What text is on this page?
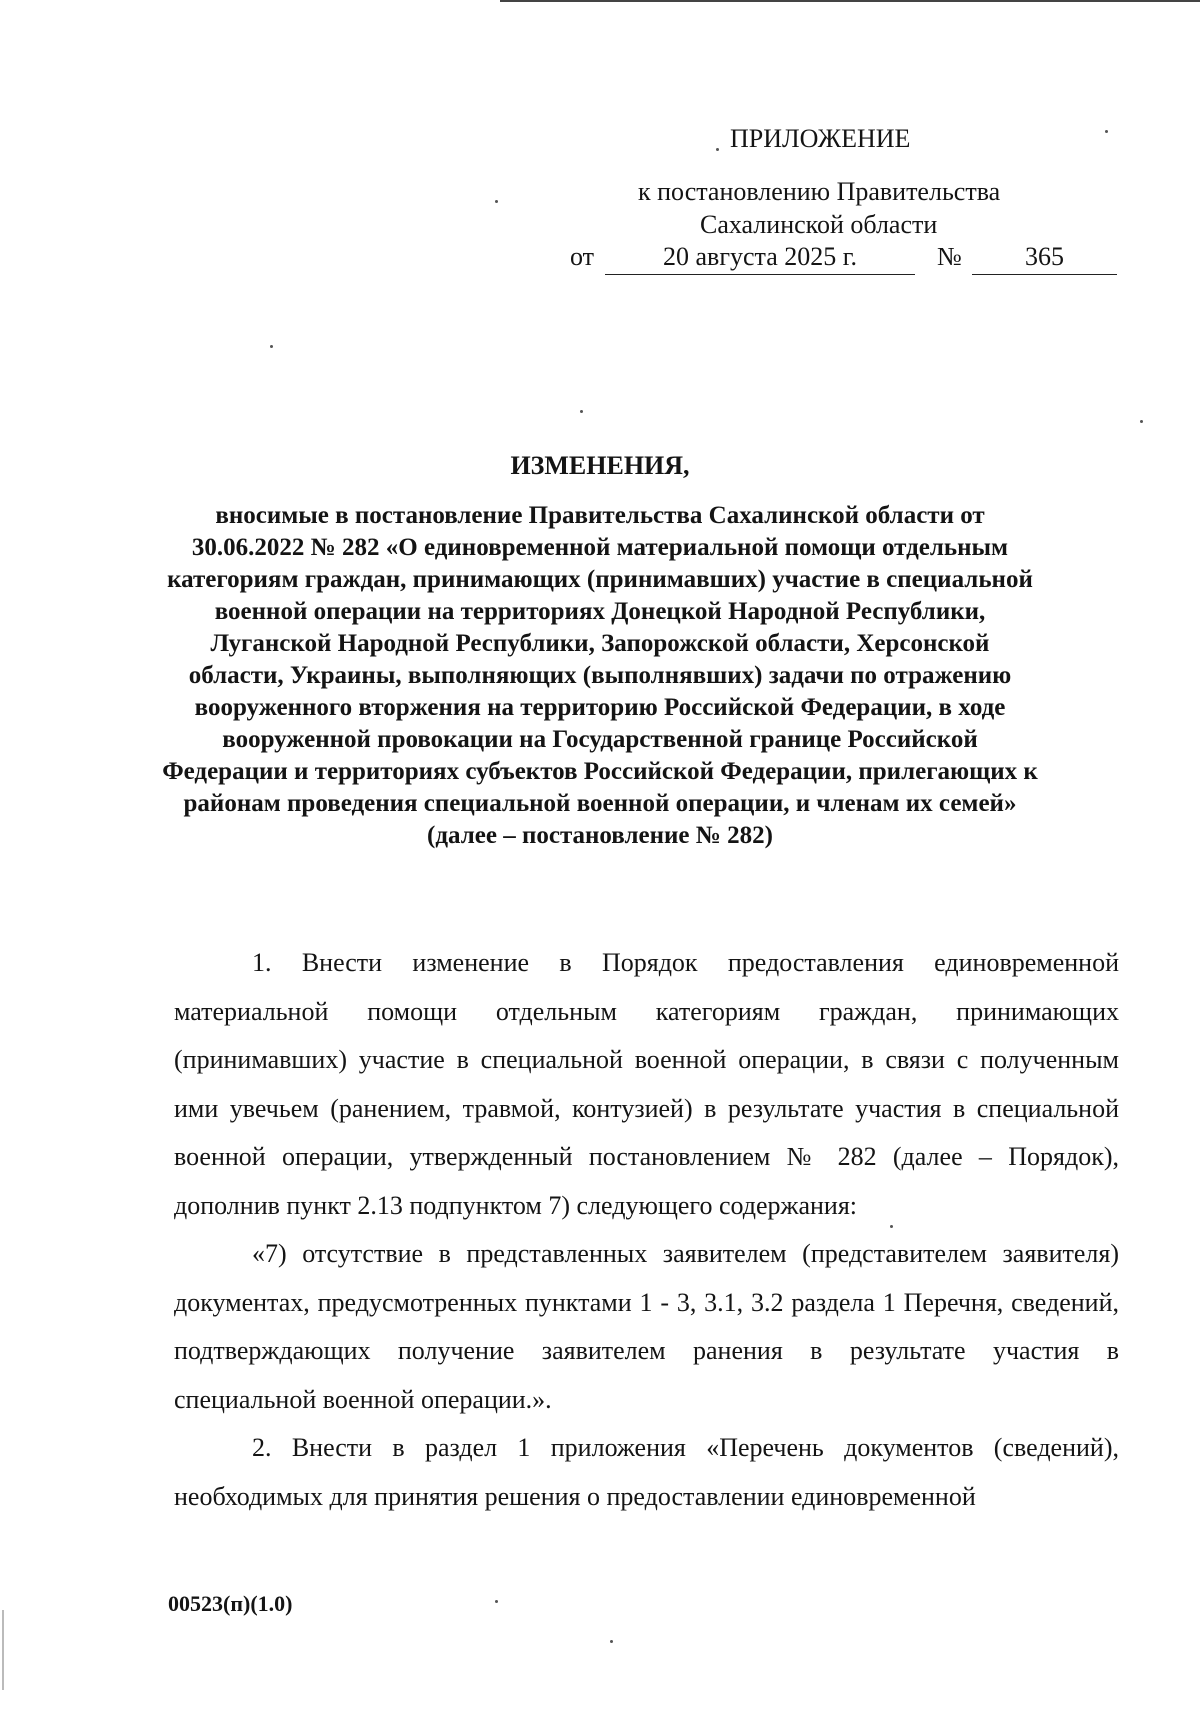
ПРИЛОЖЕНИЕ
к постановлению Правительства
Сахалинской области
от	20 августа 2025 г.	№	365
ИЗМЕНЕНИЯ,
вносимые в постановление Правительства Сахалинской области от 30.06.2022 № 282 «О единовременной материальной помощи отдельным категориям граждан, принимающих (принимавших) участие в специальной военной операции на территориях Донецкой Народной Республики, Луганской Народной Республики, Запорожской области, Херсонской области, Украины, выполняющих (выполнявших) задачи по отражению вооруженного вторжения на территорию Российской Федерации, в ходе вооруженной провокации на Государственной границе Российской Федерации и территориях субъектов Российской Федерации, прилегающих к районам проведения специальной военной операции, и членам их семей» (далее – постановление № 282)

1. Внести изменение в Порядок предоставления единовременной материальной помощи отдельным категориям граждан, принимающих (принимавших) участие в специальной военной операции, в связи с полученным ими увечьем (ранением, травмой, контузией) в результате участия в специальной военной операции, утвержденный постановлением № 282 (далее – Порядок), дополнив пункт 2.13 подпунктом 7) следующего содержания:

«7) отсутствие в представленных заявителем (представителем заявителя) документах, предусмотренных пунктами 1 - 3, 3.1, 3.2 раздела 1 Перечня, сведений, подтверждающих получение заявителем ранения в результате участия в специальной военной операции.».

2. Внести в раздел 1 приложения «Перечень документов (сведений), необходимых для принятия решения о предоставлении единовременной

00523(п)(1.0)
